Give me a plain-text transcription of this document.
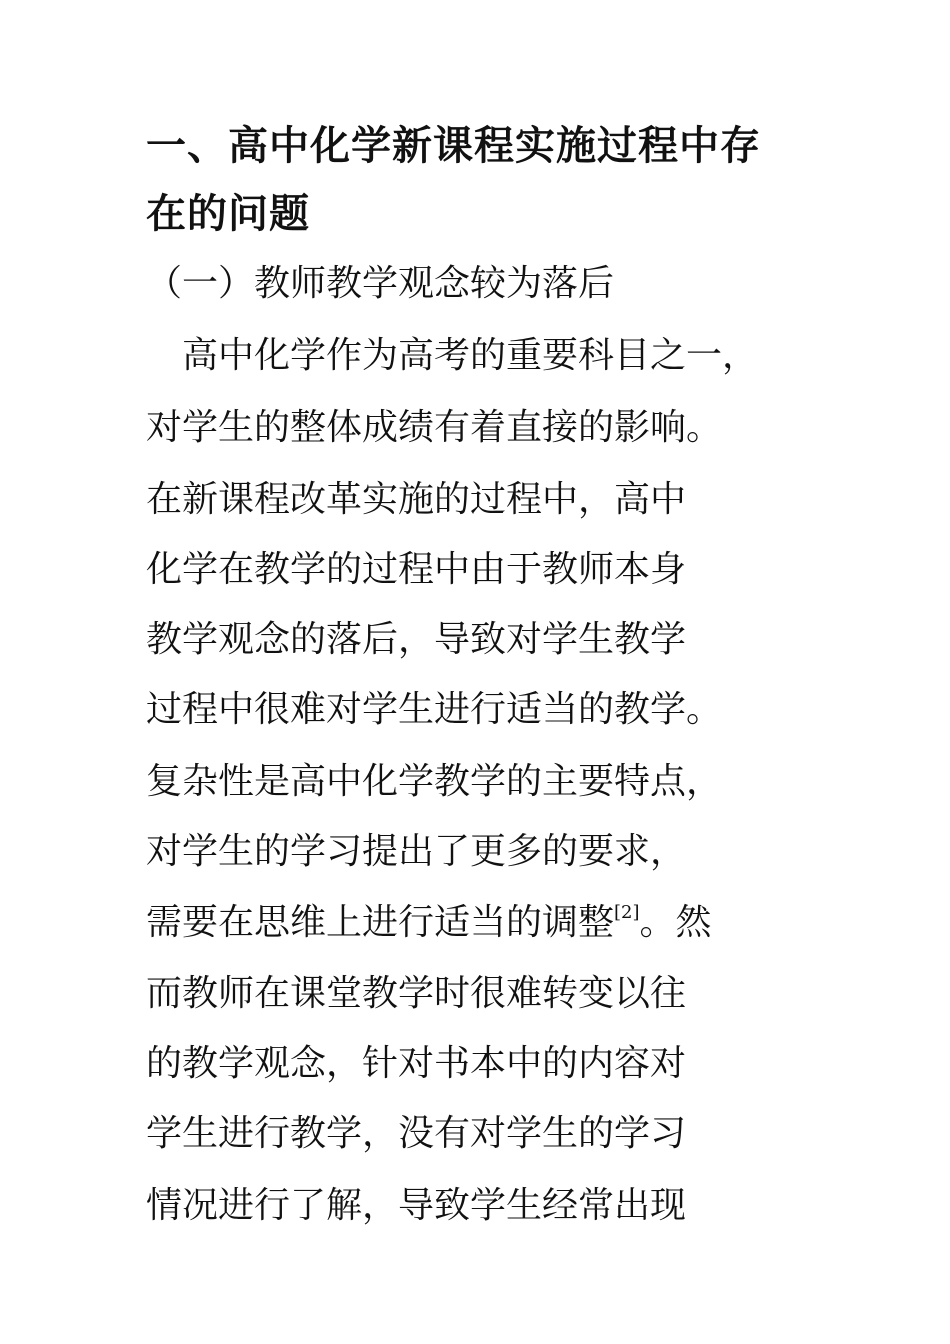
一、高中化学新课程实施过程中存
在的问题
（一）教师教学观念较为落后
高中化学作为高考的重要科目之一，
对学生的整体成绩有着直接的影响。
在新课程改革实施的过程中，高中
化学在教学的过程中由于教师本身
教学观念的落后，导致对学生教学
过程中很难对学生进行适当的教学。
复杂性是高中化学教学的主要特点，
对学生的学习提出了更多的要求，
需要在思维上进行适当的调整[2]。然
而教师在课堂教学时很难转变以往
的教学观念，针对书本中的内容对
学生进行教学，没有对学生的学习
情况进行了解，导致学生经常出现
